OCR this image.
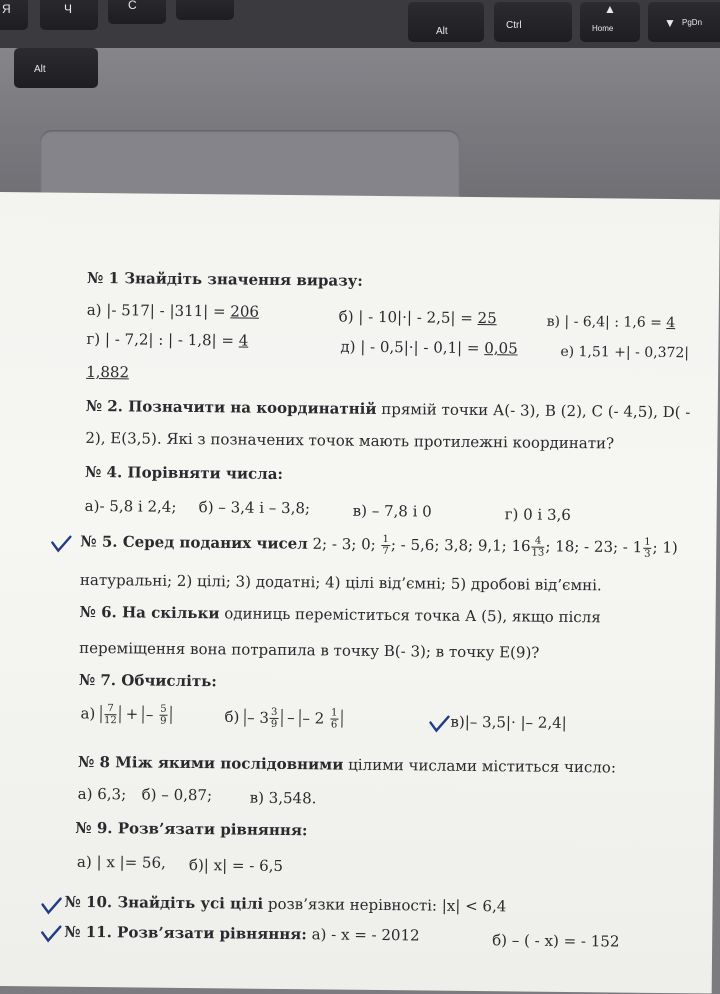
Я	Ч	С
Alt
Ctrl
▲
Home	▼ PgDn
Alt
№ 1 Знайдіть значення виразу:
а) |- 517| - |311| = 206	б) | - 10|·| - 2,5| = 25	в) | - 6,4| : 1,6 = 4
г) | - 7,2| : | - 1,8| = 4	д) | - 0,5|·| - 0,1| = 0,05	е) 1,51 +| - 0,372|
1,882
№ 2. Позначити на координатній прямій точки А(- 3), В (2), С (- 4,5), D( -
2), Е(3,5). Які з позначених точок мають протилежні координати?
№ 4. Порівняти числа:
а)- 5,8 і 2,4; б) – 3,4 і – 3,8;	в) – 7,8 і 0	г) 0 і 3,6
№ 5. Серед поданих чисел 2; - 3; 0; $\frac{1}{7}$ ; - 5,6; 3,8; 9,1; $16 \frac{4}{13}$ ; 18; - 23; - $1 \frac{1}{3}$ ; 1)
натуральні; 2) цілі; 3) додатні; 4) цілі від’ємні; 5) дробові від’ємні.
№ 6. На скільки одиниць переміститься точка А (5), якщо після
переміщення вона потрапила в точку В(- 3); в точку Е(9)?
№ 7. Обчисліть:
$а) \frac{7}{12}$ + – $\frac{5}{9}$	$б) - 3 \frac{3}{9}$ – – $2 \frac{1}{6}$	в)|– 3,5|· |– 2,4|
№ 8 Між якими послідовними цілими числами міститься число:
а) 6,3; б) – 0,87; в) 3,548.
№ 9. Розв’язати рівняння:
а) | x |= 56, б)| x| = - 6,5
№ 10. Знайдіть усі цілі розв’язки нерівності: |x| < 6,4
№ 11. Розв’язати рівняння: а) - x = - 2012	б) – ( - x) = - 152
